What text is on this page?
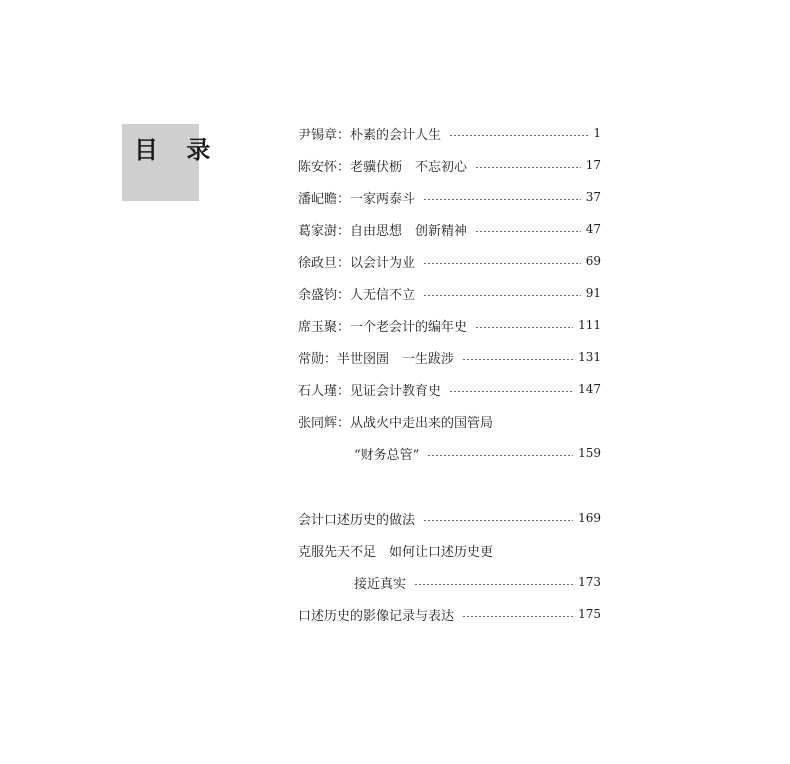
目 录	尹锡章：朴素的会计人生	1
陈安怀：老骥伏枥　不忘初心	17
潘屺瞻：一家两泰斗	37
葛家澍：自由思想　创新精神	47
徐政旦：以会计为业	69
余盛钧：人无信不立	91
席玉聚：一个老会计的编年史	111
常勋：半世囹圄　一生跋涉	131
石人瑾：见证会计教育史	147
张同辉：从战火中走出来的国管局
“财务总管”	159
会计口述历史的做法	169
克服先天不足　如何让口述历史更
接近真实	173
口述历史的影像记录与表达	175
